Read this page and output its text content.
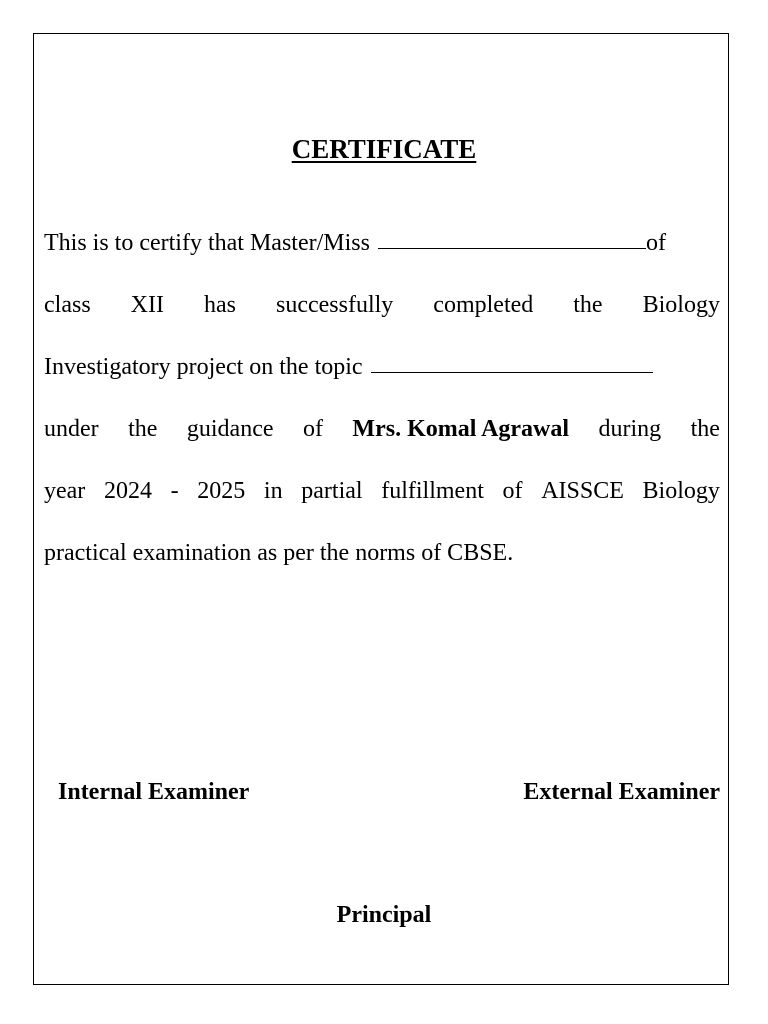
CERTIFICATE
This is to certify that Master/Miss	of
class XII has successfully completed the Biology
Investigatory project on the topic
under the guidance of Mrs. Komal Agrawal during the
year 2024 - 2025 in partial fulfillment of AISSCE Biology
practical examination as per the norms of CBSE.

Internal Examiner	External Examiner

Principal
